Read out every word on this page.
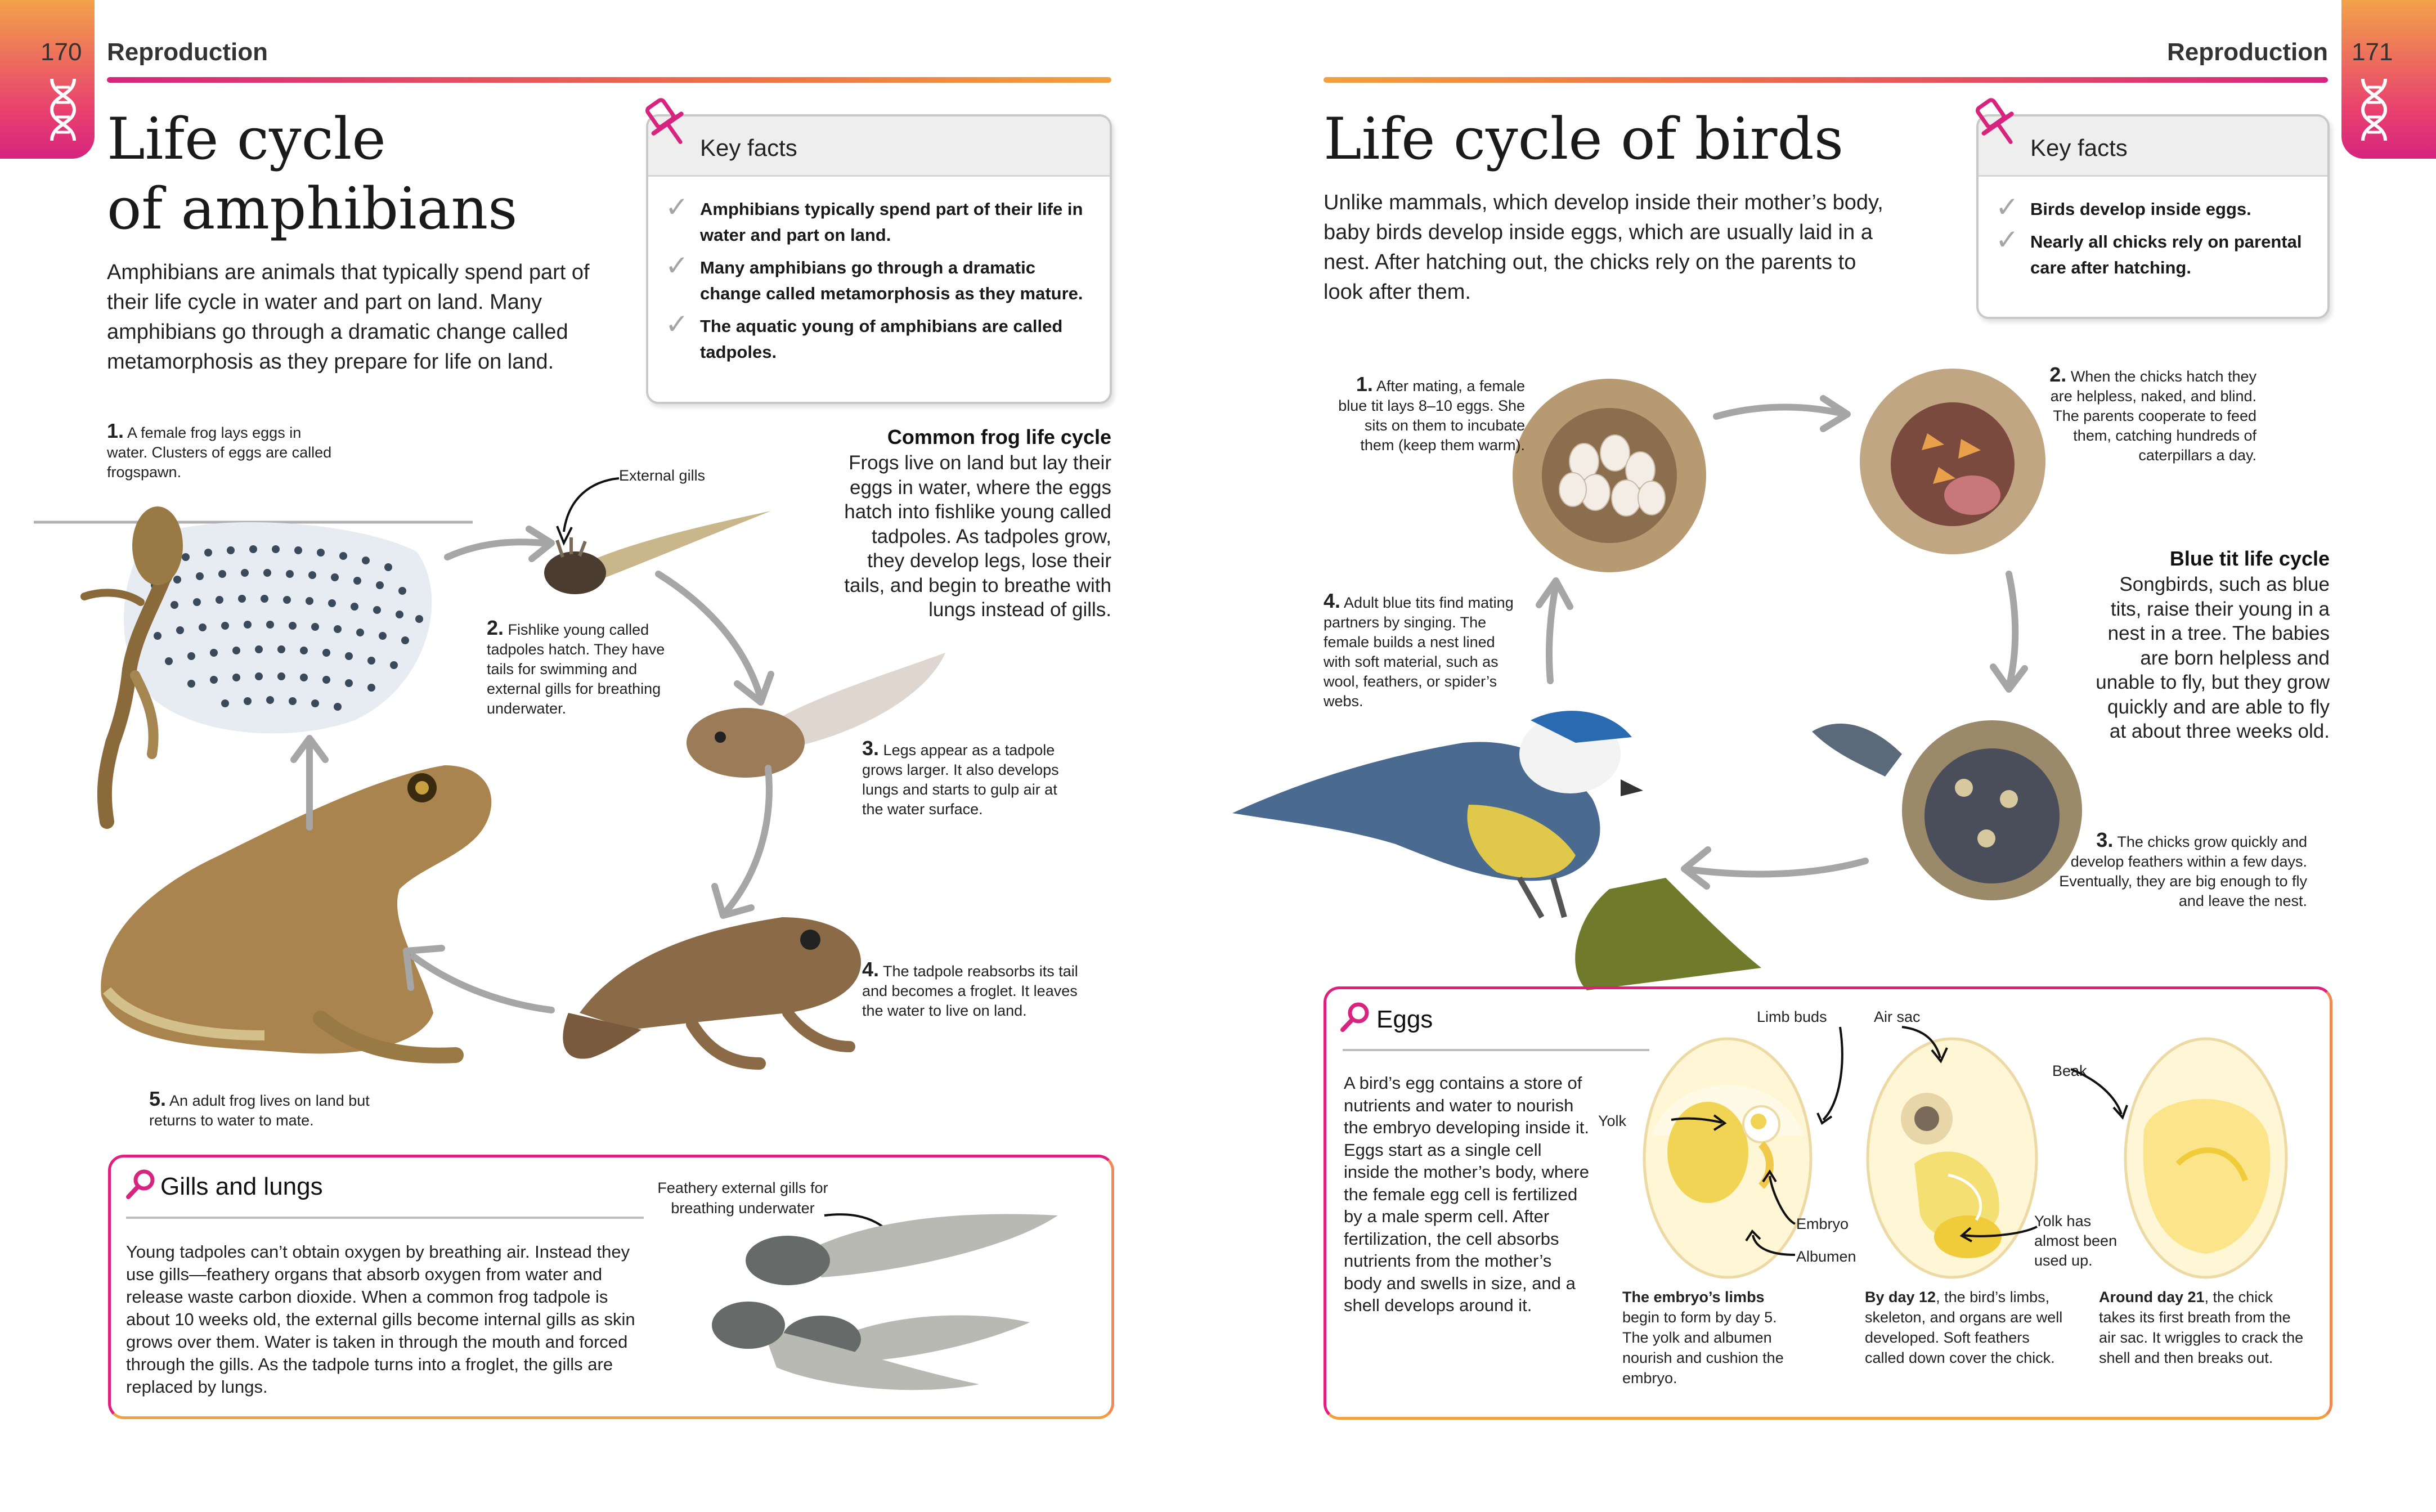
170 Reproduction
Life cycle
of amphibians
Amphibians are animals that typically spend part of their life cycle in water and part on land. Many amphibians go through a dramatic change called metamorphosis as they prepare for life on land.
Key facts
✓ Amphibians typically spend part of their life in water and part on land.
✓ Many amphibians go through a dramatic change called metamorphosis as they mature.
✓ The aquatic young of amphibians are called tadpoles.
Common frog life cycle
Frogs live on land but lay their eggs in water, where the eggs hatch into fishlike young called tadpoles. As tadpoles grow, they develop legs, lose their tails, and begin to breathe with lungs instead of gills.
External gills
1. A female frog lays eggs in water. Clusters of eggs are called frogspawn.
2. Fishlike young called tadpoles hatch. They have tails for swimming and external gills for breathing underwater.
3. Legs appear as a tadpole grows larger. It also develops lungs and starts to gulp air at the water surface.
4. The tadpole reabsorbs its tail and becomes a froglet. It leaves the water to live on land.
5. An adult frog lives on land but returns to water to mate.
Gills and lungs
Young tadpoles can’t obtain oxygen by breathing air. Instead they use gills—feathery organs that absorb oxygen from water and release waste carbon dioxide. When a common frog tadpole is about 10 weeks old, the external gills become internal gills as skin grows over them. Water is taken in through the mouth and forced through the gills. As the tadpole turns into a froglet, the gills are replaced by lungs.
Feathery external gills for breathing underwater
171
Reproduction
Life cycle of birds
Unlike mammals, which develop inside their mother’s body, baby birds develop inside eggs, which are usually laid in a nest. After hatching out, the chicks rely on the parents to look after them.
Key facts
✓ Birds develop inside eggs.
✓ Nearly all chicks rely on parental care after hatching.
Blue tit life cycle
Songbirds, such as blue tits, raise their young in a nest in a tree. The babies are born helpless and unable to fly, but they grow quickly and are able to fly at about three weeks old.
1. After mating, a female blue tit lays 8–10 eggs. She sits on them to incubate them (keep them warm).
2. When the chicks hatch they are helpless, naked, and blind. The parents cooperate to feed them, catching hundreds of caterpillars a day.
3. The chicks grow quickly and develop feathers within a few days. Eventually, they are big enough to fly and leave the nest.
4. Adult blue tits find mating partners by singing. The female builds a nest lined with soft material, such as wool, feathers, or spider’s webs.
Eggs
A bird’s egg contains a store of nutrients and water to nourish the embryo developing inside it. Eggs start as a single cell inside the mother’s body, where the female egg cell is fertilized by a male sperm cell. After fertilization, the cell absorbs nutrients from the mother’s body and swells in size, and a shell develops around it.
Limb buds	Air sac
Yolk
Embryo
Albumen
Beak
Yolk has almost been used up.
The embryo’s limbs begin to form by day 5. The yolk and albumen nourish and cushion the embryo.
By day 12, the bird’s limbs, skeleton, and organs are well developed. Soft feathers called down cover the chick.
Around day 21, the chick takes its first breath from the air sac. It wriggles to crack the shell and then breaks out.
